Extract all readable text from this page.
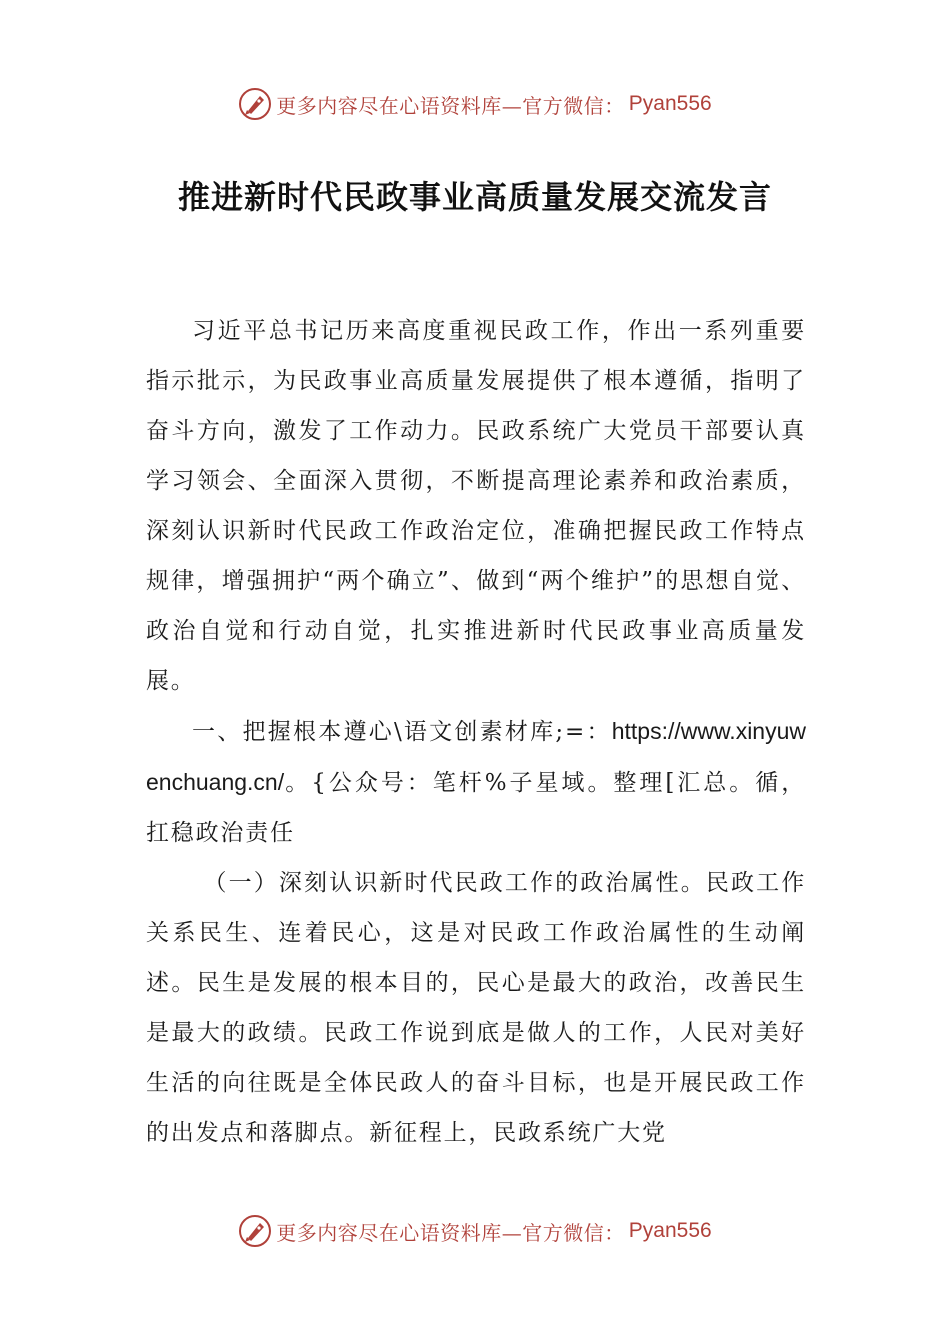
更多内容尽在心语资料库—官方微信： Pyan556
推进新时代民政事业高质量发展交流发言

习近平总书记历来高度重视民政工作，作出一系列重要指示批示，为民政事业高质量发展提供了根本遵循，指明了奋斗方向，激发了工作动力。民政系统广大党员干部要认真学习领会、全面深入贯彻，不断提高理论素养和政治素质，深刻认识新时代民政工作政治定位，准确把握民政工作特点规律，增强拥护“两个确立”、做到“两个维护”的思想自觉、政治自觉和行动自觉，扎实推进新时代民政事业高质量发展。

一、把握根本遵心\语文创素材库;=：https://www.xinyuwenchuang.cn/。{公众号：笔杆%子星域。整理[汇总。循，扛稳政治责任

（一）深刻认识新时代民政工作的政治属性。民政工作关系民生、连着民心，这是对民政工作政治属性的生动阐述。民生是发展的根本目的，民心是最大的政治，改善民生是最大的政绩。民政工作说到底是做人的工作，人民对美好生活的向往既是全体民政人的奋斗目标，也是开展民政工作的出发点和落脚点。新征程上，民政系统广大党

更多内容尽在心语资料库—官方微信： Pyan556
